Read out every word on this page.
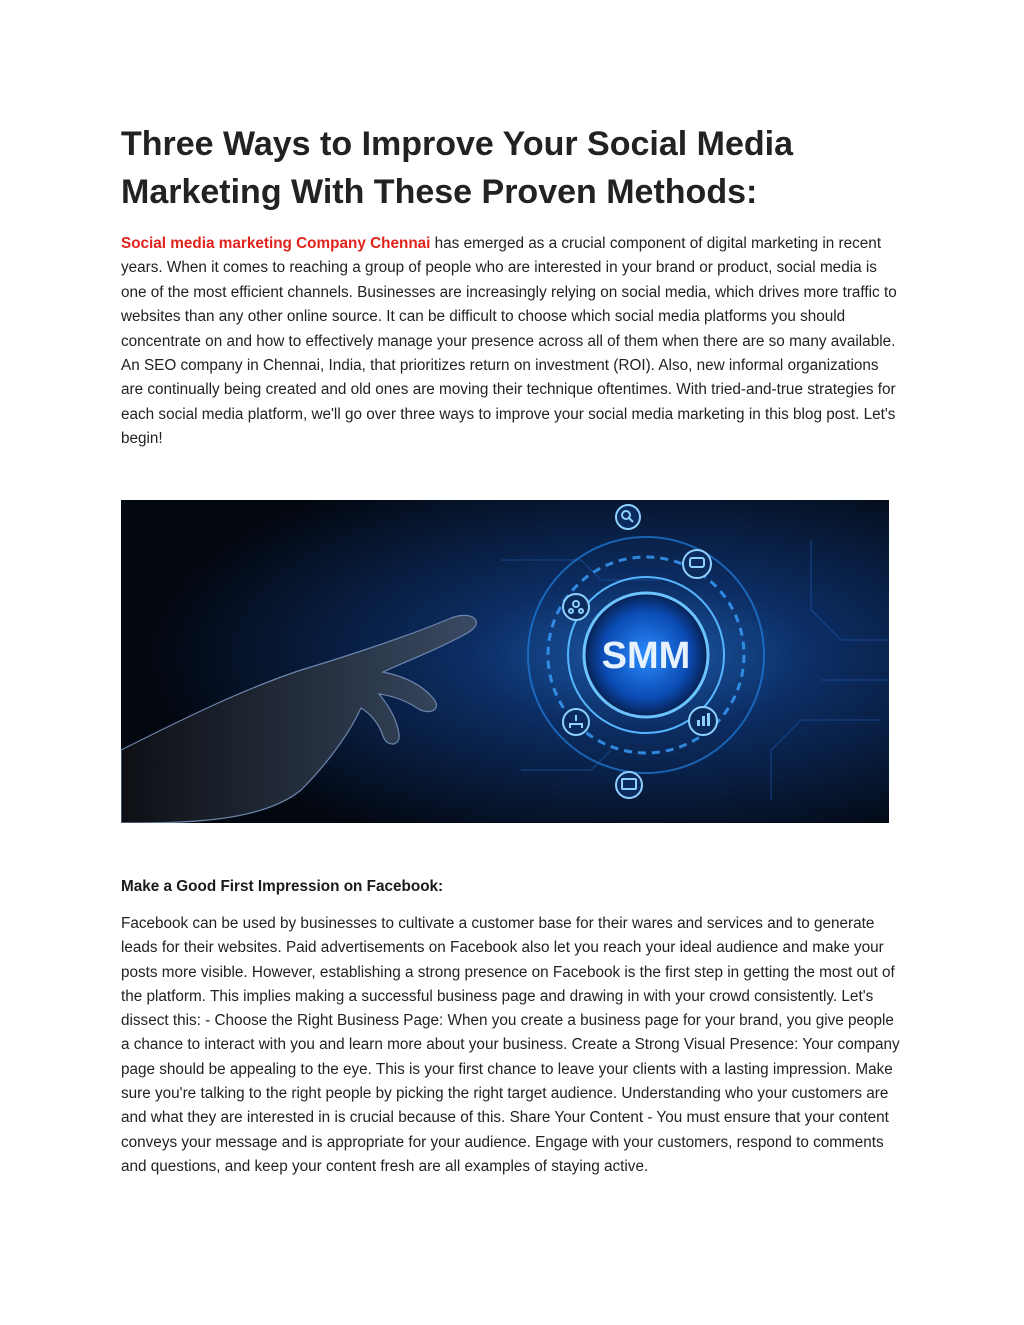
Three Ways to Improve Your Social Media Marketing With These Proven Methods:

Social media marketing Company Chennai has emerged as a crucial component of digital marketing in recent years. When it comes to reaching a group of people who are interested in your brand or product, social media is one of the most efficient channels. Businesses are increasingly relying on social media, which drives more traffic to websites than any other online source. It can be difficult to choose which social media platforms you should concentrate on and how to effectively manage your presence across all of them when there are so many available. An SEO company in Chennai, India, that prioritizes return on investment (ROI). Also, new informal organizations are continually being created and old ones are moving their technique oftentimes. With tried-and-true strategies for each social media platform, we'll go over three ways to improve your social media marketing in this blog post. Let's begin!

SMM
Make a Good First Impression on Facebook:

Facebook can be used by businesses to cultivate a customer base for their wares and services and to generate leads for their websites. Paid advertisements on Facebook also let you reach your ideal audience and make your posts more visible. However, establishing a strong presence on Facebook is the first step in getting the most out of the platform. This implies making a successful business page and drawing in with your crowd consistently. Let's dissect this: - Choose the Right Business Page: When you create a business page for your brand, you give people a chance to interact with you and learn more about your business. Create a Strong Visual Presence: Your company page should be appealing to the eye. This is your first chance to leave your clients with a lasting impression. Make sure you're talking to the right people by picking the right target audience. Understanding who your customers are and what they are interested in is crucial because of this. Share Your Content - You must ensure that your content conveys your message and is appropriate for your audience. Engage with your customers, respond to comments and questions, and keep your content fresh are all examples of staying active.
